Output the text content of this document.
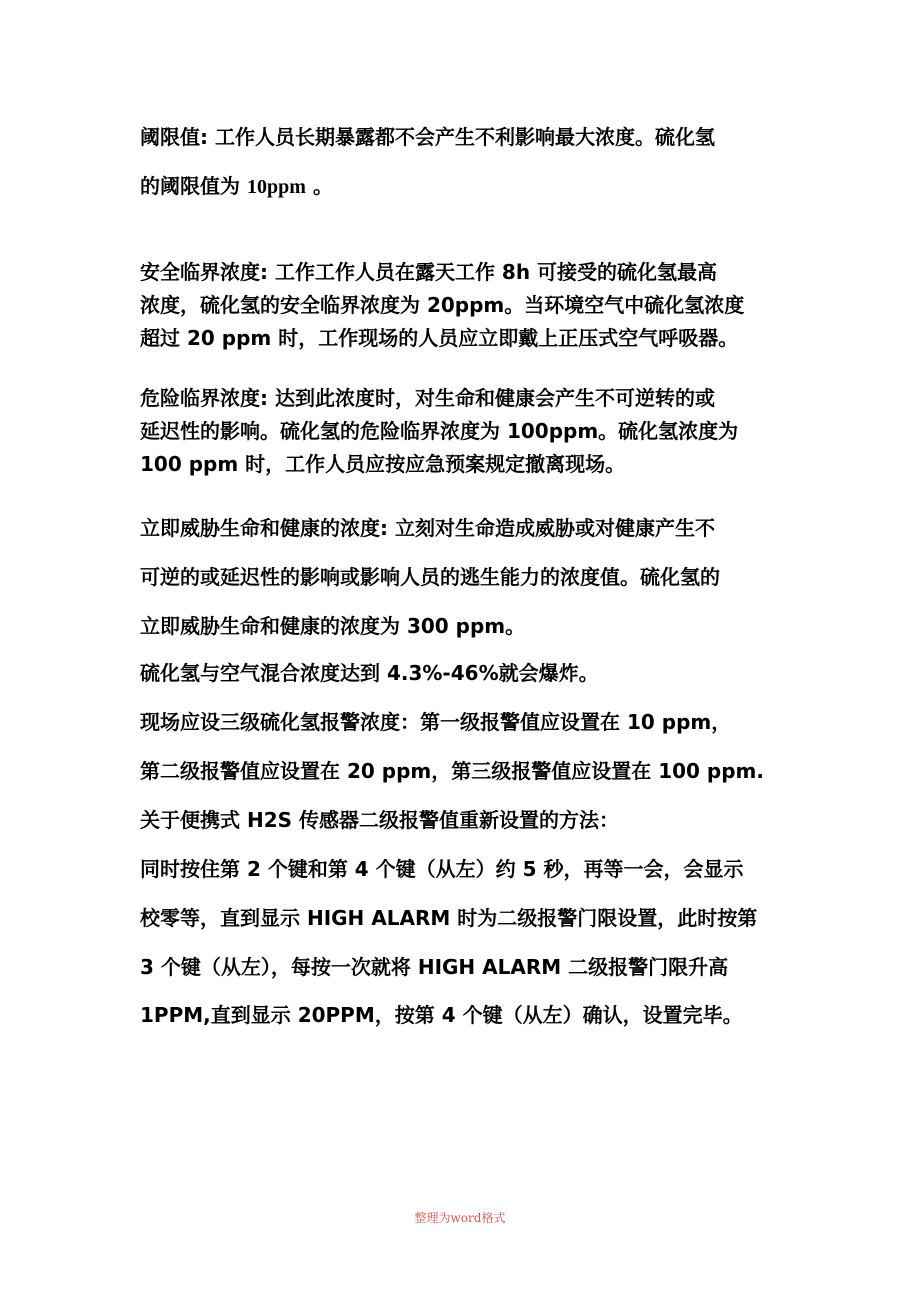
阈限值: 工作人员长期暴露都不会产生不利影响最大浓度。硫化氢
的阈限值为 10ppm 。
安全临界浓度: 工作工作人员在露天工作 8h 可接受的硫化氢最高
浓度，硫化氢的安全临界浓度为 20ppm。当环境空气中硫化氢浓度
超过 20 ppm 时，工作现场的人员应立即戴上正压式空气呼吸器。
危险临界浓度: 达到此浓度时，对生命和健康会产生不可逆转的或
延迟性的影响。硫化氢的危险临界浓度为 100ppm。硫化氢浓度为
100 ppm 时，工作人员应按应急预案规定撤离现场。
立即威胁生命和健康的浓度: 立刻对生命造成威胁或对健康产生不
可逆的或延迟性的影响或影响人员的逃生能力的浓度值。硫化氢的
立即威胁生命和健康的浓度为 300 ppm。
硫化氢与空气混合浓度达到 4.3%-46%就会爆炸。
现场应设三级硫化氢报警浓度：第一级报警值应设置在 10 ppm，
第二级报警值应设置在 20 ppm，第三级报警值应设置在 100 ppm.
关于便携式 H2S 传感器二级报警值重新设置的方法：
同时按住第 2 个键和第 4 个键（从左）约 5 秒，再等一会，会显示
校零等，直到显示 HIGH ALARM 时为二级报警门限设置，此时按第
3 个键（从左），每按一次就将 HIGH ALARM 二级报警门限升高
1PPM,直到显示 20PPM，按第 4 个键（从左）确认，设置完毕。
整理为word格式
